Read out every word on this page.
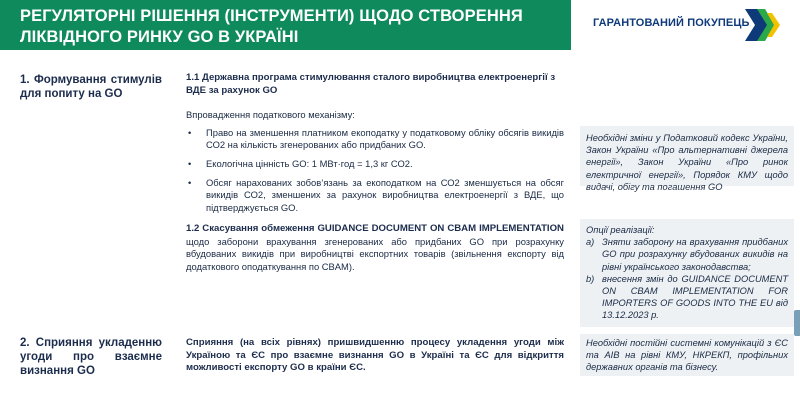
РЕГУЛЯТОРНІ РІШЕННЯ (ІНСТРУМЕНТИ) ЩОДО СТВОРЕННЯ
ЛІКВІДНОГО РИНКУ GO В УКРАЇНІ
ГАРАНТОВАНИЙ ПОКУПЕЦЬ
1. Формування стимулів
для попиту на GO
1.1 Державна програма стимулювання сталого виробництва електроенергії з ВДЕ за рахунок GO
Впровадження податкового механізму:
• Право на зменшення платником екоподатку у податковому обліку обсягів викидів СО2 на кількість згенерованих або придбаних GO.
• Екологічна цінність GO: 1 МВт·год = 1,3 кг СО2.
• Обсяг нарахованих зобов’язань за екоподатком на СО2 зменшується на обсяг викидів СО2, зменшених за рахунок виробництва електроенергії з ВДЕ, що підтверджується GO.
1.2 Скасування обмеження GUIDANCE DOCUMENT ON CBAM IMPLEMENTATION щодо заборони врахування згенерованих або придбаних GO при розрахунку вбудованих викидів при виробництві експортних товарів (звільнення експорту від додаткового оподаткування по CBAM).
2. Сприяння укладенню
угоди про взаємне
визнання GO
Сприяння (на всіх рівнях) пришвидшенню процесу укладення угоди між Україною та ЄС про взаємне визнання GO в Україні та ЄС для відкриття можливості експорту GO в країни ЄС.
Необхідні зміни у Податковий кодекс України, Закон України «Про альтернативні джерела енергії», Закон України «Про ринок електричної енергії», Порядок КМУ щодо видачі, обігу та погашення GO
Опції реалізації:
a) Зняти заборону на врахування придбаних GO при розрахунку вбудованих викидів на рівні українського законодавства;
b) внесення змін до GUIDANCE DOCUMENT ON CBAM IMPLEMENTATION FOR IMPORTERS OF GOODS INTO THE EU від 13.12.2023 р.
Необхідні постійні системні комунікацій з ЄС та AIB на рівні КМУ, НКРЕКП, профільних державних органів та бізнесу.
